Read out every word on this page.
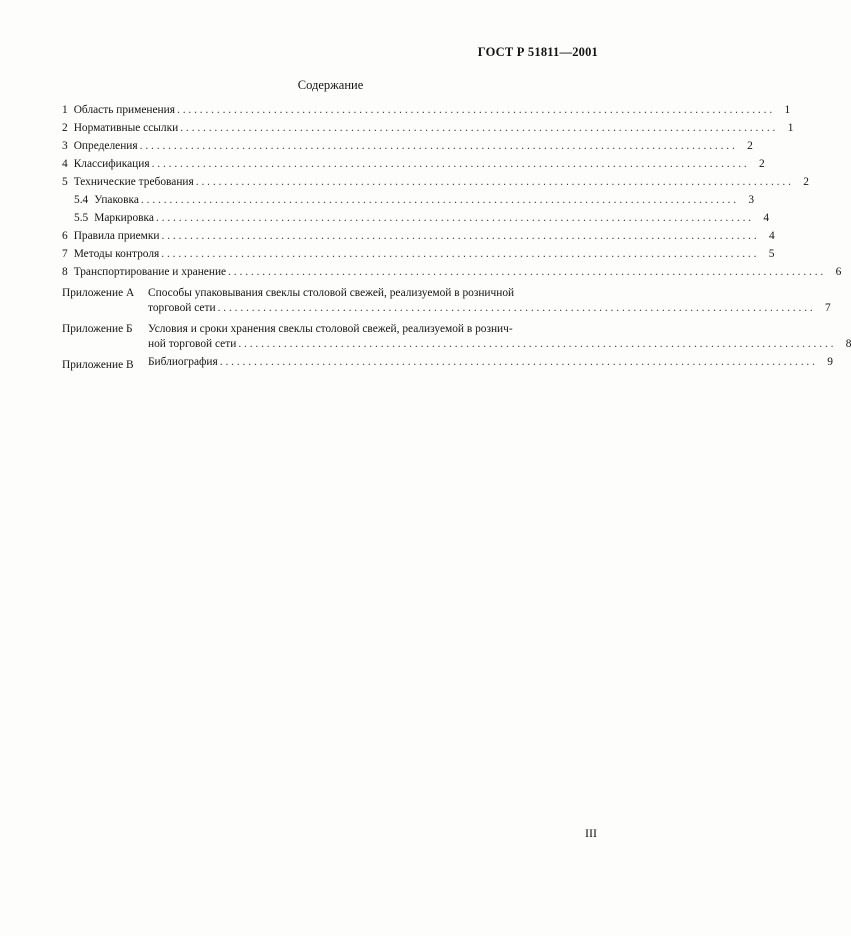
ГОСТ Р 51811—2001
Содержание
1 Область применения . . .	1
2 Нормативные ссылки . . .	1
3 Определения . . .	2
4 Классификация . . .	2
5 Технические требования . . .	2
5.4 Упаковка . . .	3
5.5 Маркировка . . .	4
6 Правила приемки . . .	4
7 Методы контроля . . .	5
8 Транспортирование и хранение . . .	6
Приложение А	Способы упаковывания свеклы столовой свежей, реализуемой в розничной
торговой сети . . .	7
Приложение Б	Условия и сроки хранения свеклы столовой свежей, реализуемой в рознич-
ной торговой сети . . .	8
Приложение В	Библиография . . .	9
III
